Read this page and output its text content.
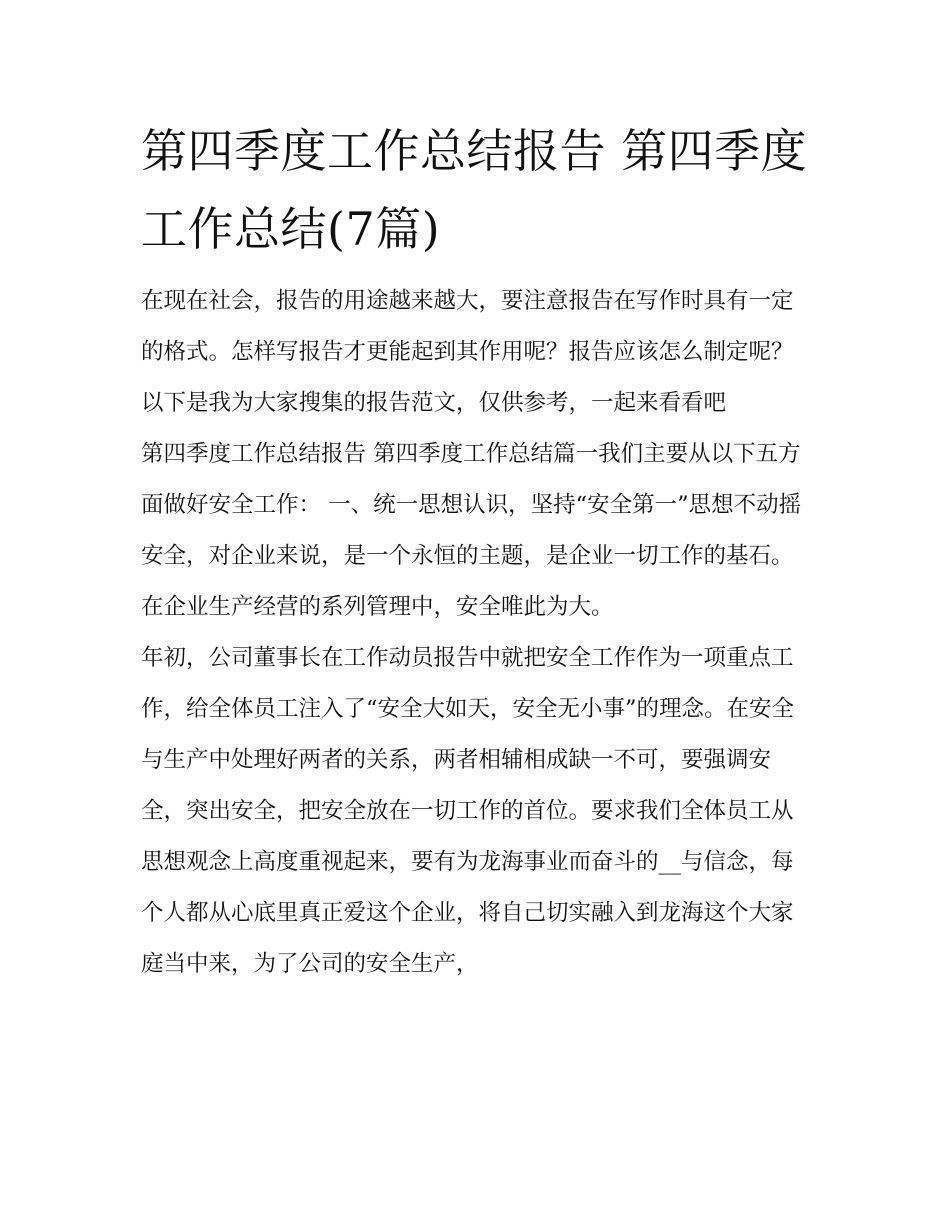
第四季度工作总结报告 第四季度工作总结(7篇)

在现在社会，报告的用途越来越大，要注意报告在写作时具有一定的格式。怎样写报告才更能起到其作用呢？报告应该怎么制定呢？以下是我为大家搜集的报告范文，仅供参考，一起来看看吧

第四季度工作总结报告 第四季度工作总结篇一我们主要从以下五方面做好安全工作： 一、统一思想认识，坚持“安全第一”思想不动摇

安全，对企业来说，是一个永恒的主题，是企业一切工作的基石。在企业生产经营的系列管理中，安全唯此为大。

年初，公司董事长在工作动员报告中就把安全工作作为一项重点工作，给全体员工注入了“安全大如天，安全无小事”的理念。在安全与生产中处理好两者的关系，两者相辅相成缺一不可，要强调安全，突出安全，把安全放在一切工作的首位。要求我们全体员工从思想观念上高度重视起来，要有为龙海事业而奋斗的__与信念，每个人都从心底里真正爱这个企业，将自己切实融入到龙海这个大家庭当中来，为了公司的安全生产，
